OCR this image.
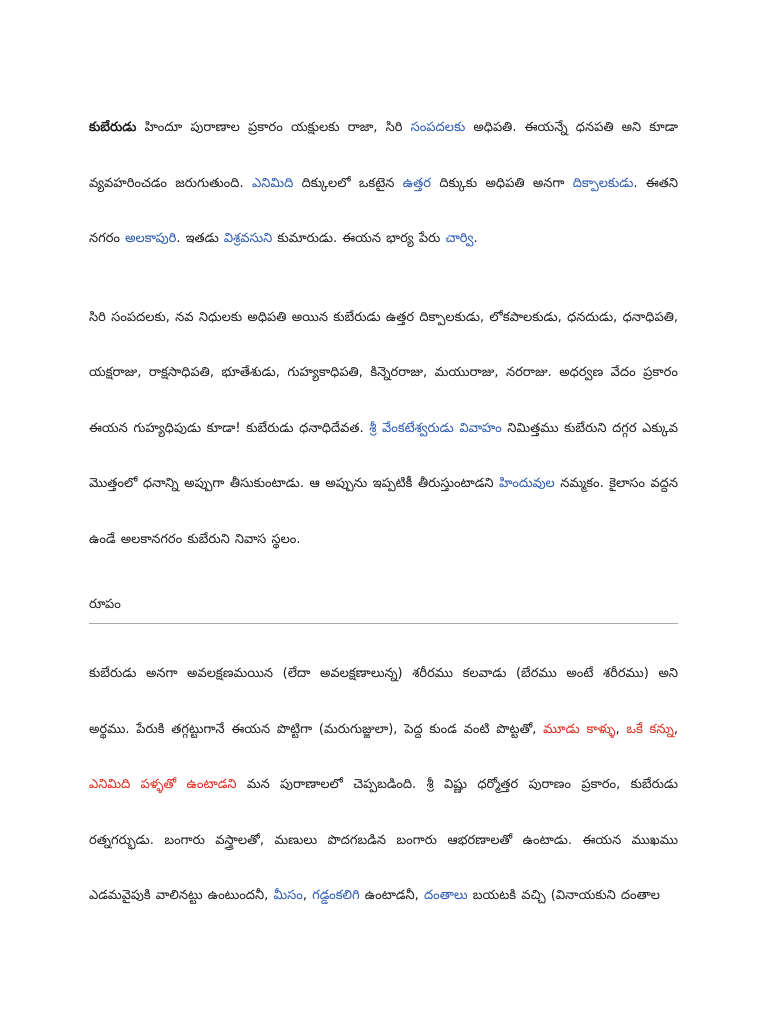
కుబేరుడు హిందూ పురాణాల ప్రకారం యక్షులకు రాజా, సిరి సంపదలకు అధిపతి. ఈయన్నే ధనపతి అని కూడా వ్యవహరించడం జరుగుతుంది. ఎనిమిది దిక్కులలో ఒకటైన ఉత్తర దిక్కుకు అధిపతి అనగా దిక్పాలకుడు. ఈతని నగరం అలకాపురి. ఇతడు విశ్రవసుని కుమారుడు. ఈయన భార్య పేరు చార్వి.

సిరి సంపదలకు, నవ నిధులకు అధిపతి అయిన కుబేరుడు ఉత్తర దిక్పాలకుడు, లోకపాలకుడు, ధనదుడు, ధనాధిపతి, యక్షరాజు, రాక్షసాధిపతి, భూతేశుడు, గుహ్యకాధిపతి, కిన్నెరరాజు, మయురాజు, నరరాజు. అధర్వణ వేదం ప్రకారం ఈయన గుహ్యధిపుడు కూడా! కుబేరుడు ధనాధిదేవత. శ్రీ వేంకటేశ్వరుడు వివాహం నిమిత్తము కుబేరుని దగ్గర ఎక్కువ మొత్తంలో ధనాన్ని అప్పుగా తీసుకుంటాడు. ఆ అప్పును ఇప్పటికీ తీరుస్తుంటాడని హిందువుల నమ్మకం. కైలాసం వద్దన ఉండే అలకానగరం కుబేరుని నివాస స్థలం.

రూపం

కుబేరుడు అనగా అవలక్షణమయిన (లేదా అవలక్షణాలున్న) శరీరము కలవాడు (బేరము అంటే శరీరము) అని అర్థము. పేరుకి తగ్గట్టుగానే ఈయన పొట్టిగా (మరుగుజ్జులా), పెద్ద కుండ వంటి పొట్టతో, మూడు కాళ్ళు, ఒకే కన్ను, ఎనిమిది పళ్ళతో ఉంటాడని మన పురాణాలలో చెప్పబడింది. శ్రీ విష్ణు ధర్మోత్తర పురాణం ప్రకారం, కుబేరుడు రత్నగర్భుడు. బంగారు వస్త్రాలతో, మణులు పొదగబడిన బంగారు ఆభరణాలతో ఉంటాడు. ఈయన ముఖము ఎడమవైపుకి వాలినట్టు ఉంటుందనీ, మీసం, గడ్డంకలిగి ఉంటాడనీ, దంతాలు బయటకి వచ్చి (వినాయకుని దంతాల
